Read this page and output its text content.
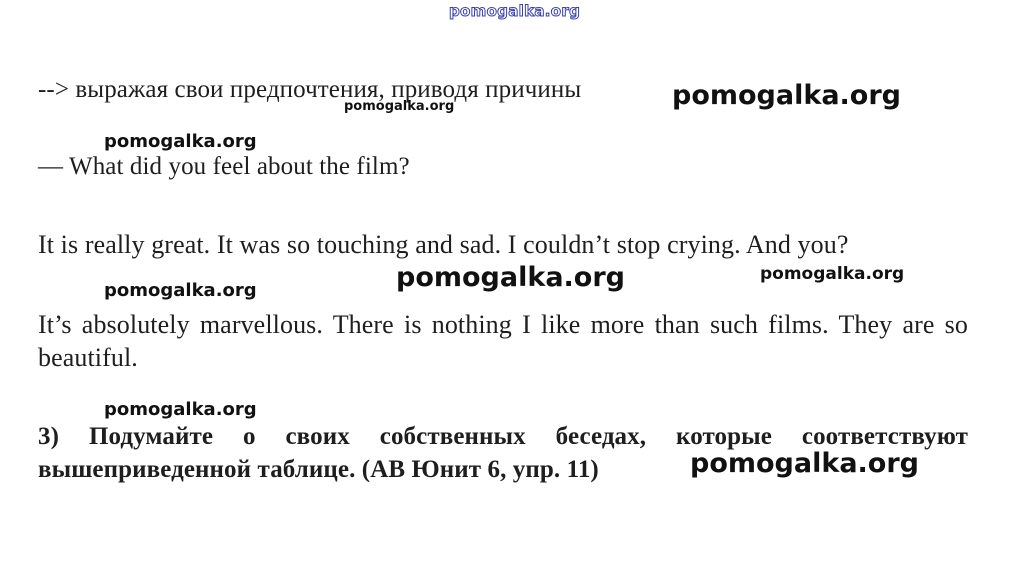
pomogalka.org
--> выражая свои предпочтения, приводя причины
— What did you feel about the film?
It is really great. It was so touching and sad. I couldn’t stop crying. And you?
It’s absolutely marvellous. There is nothing I like more than such films. They are so beautiful.
3) Подумайте о своих собственных беседах, которые соответствуют вышеприведенной таблице. (АВ Юнит 6, упр. 11)
pomogalka.org
pomogalka.org
pomogalka.org
pomogalka.org	pomogalka.org
pomogalka.org
pomogalka.org
pomogalka.org
